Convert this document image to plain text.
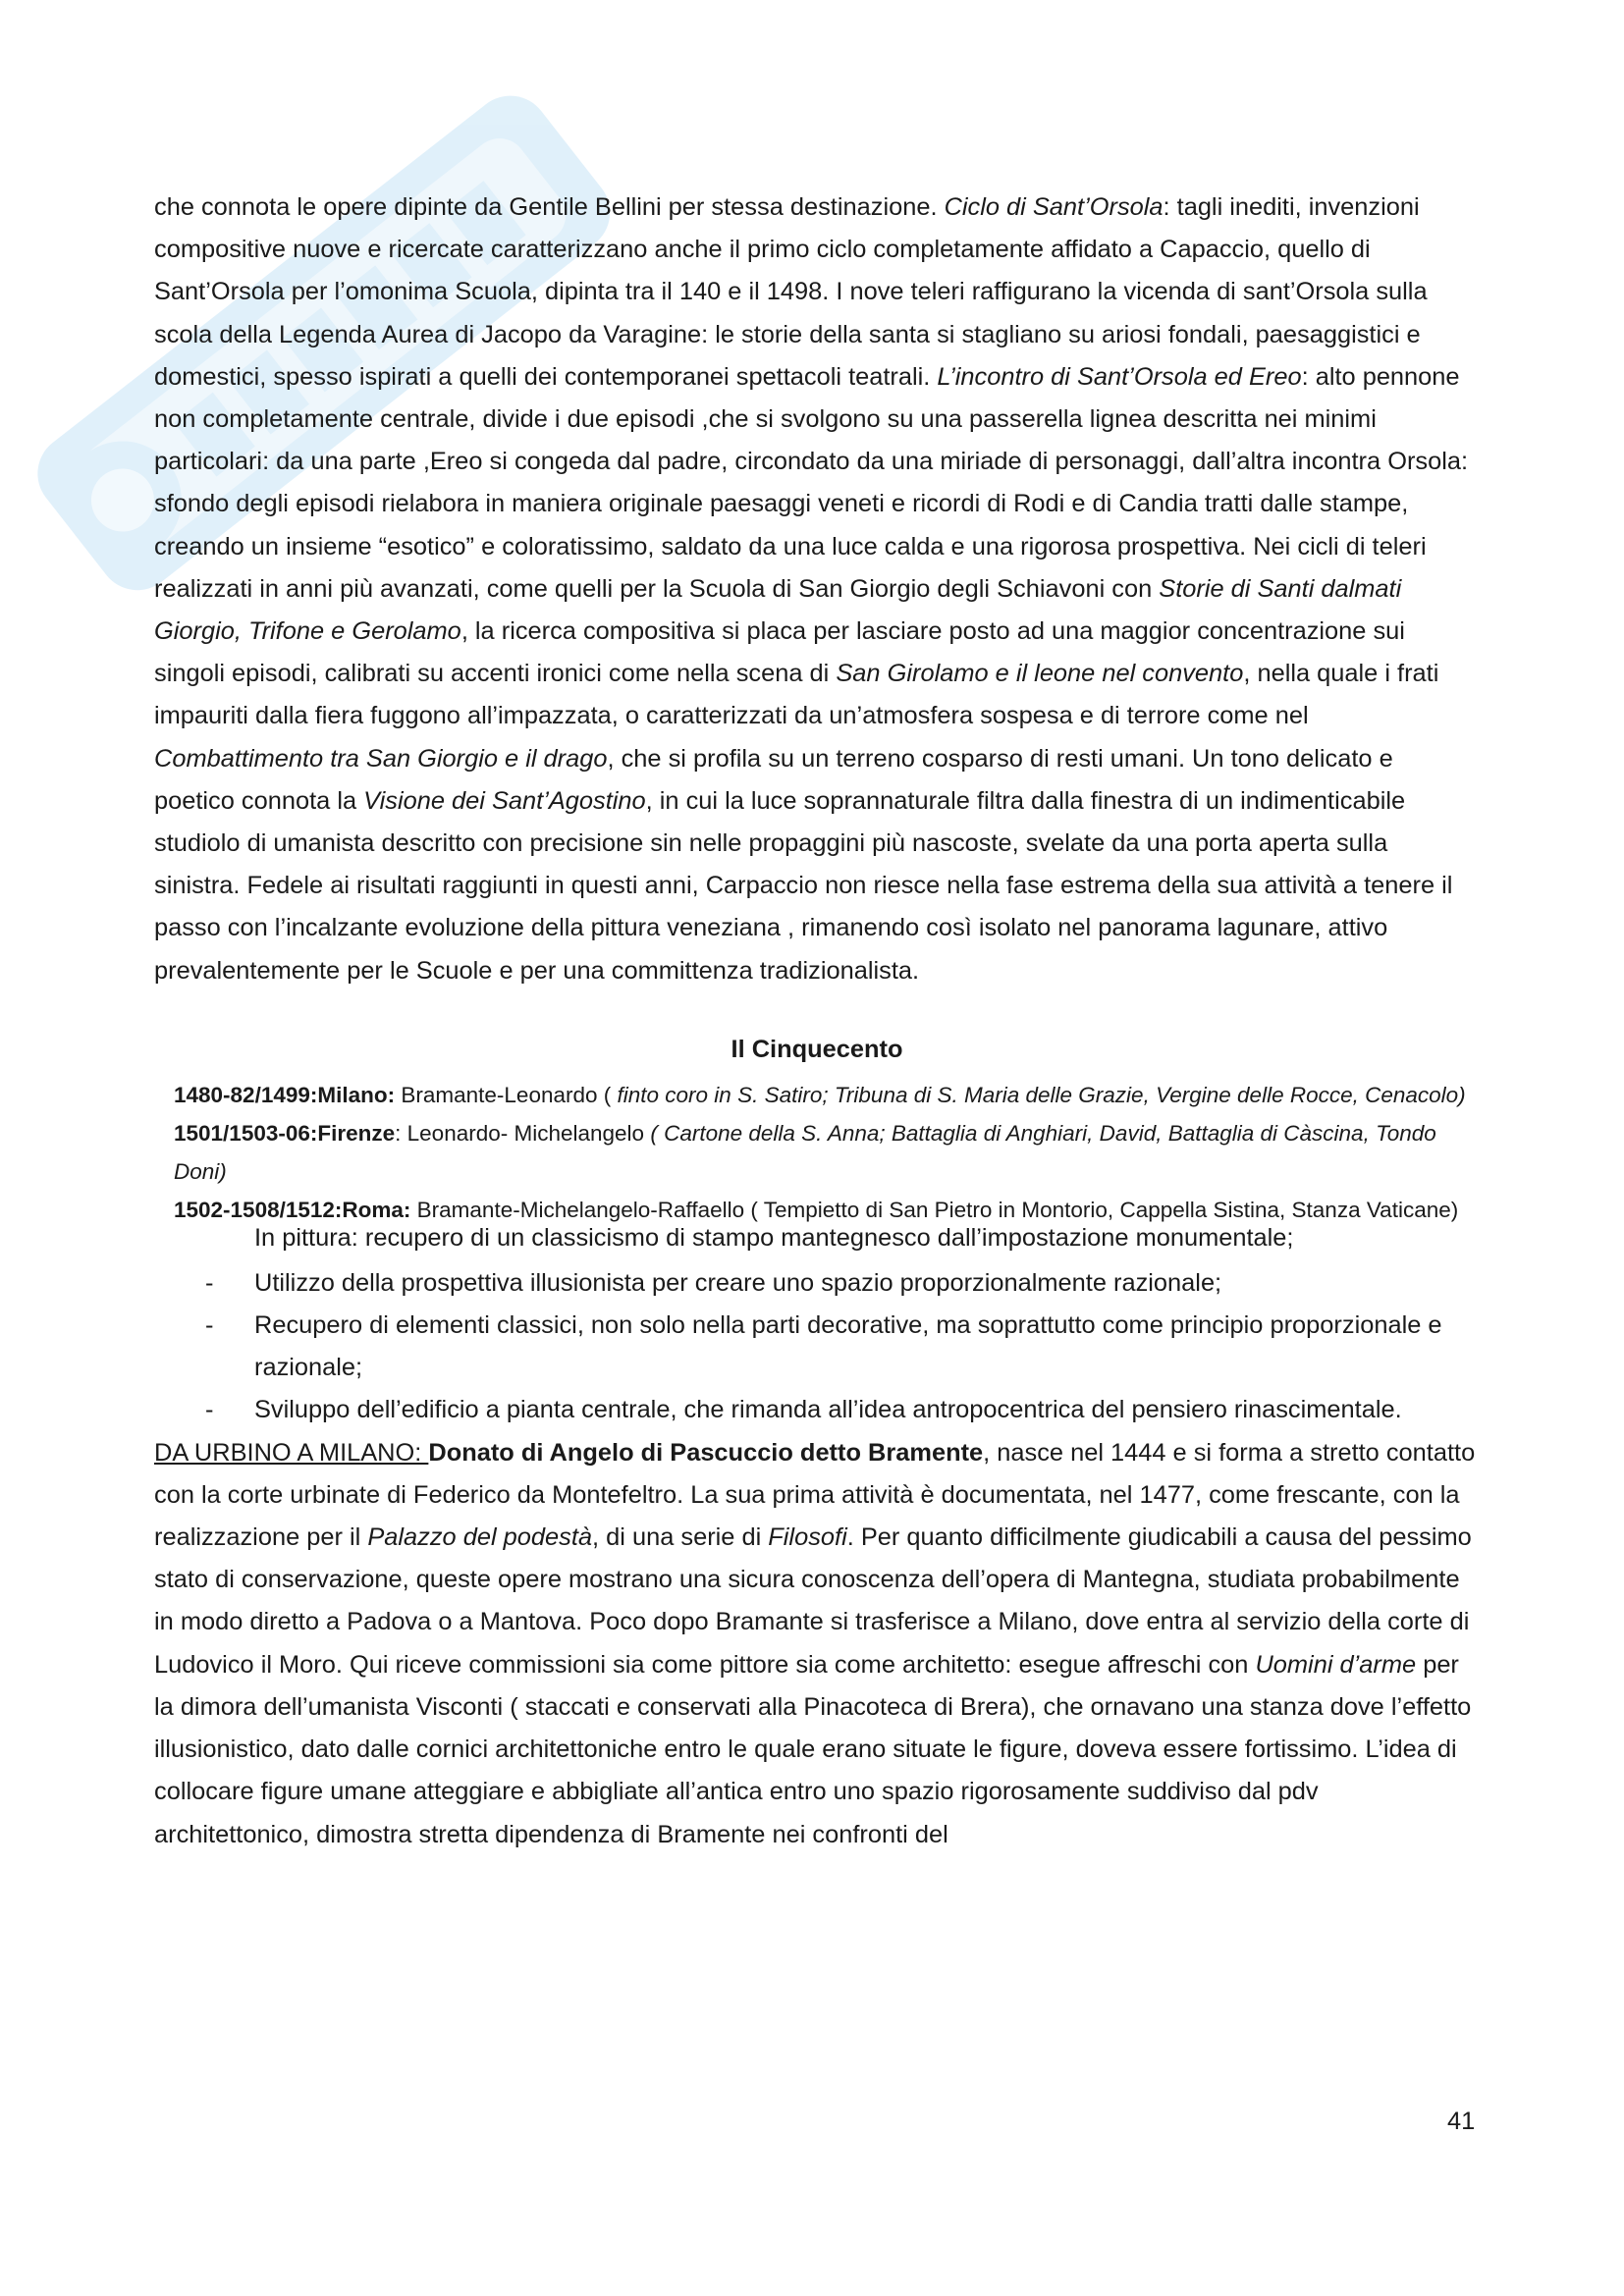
che connota le opere dipinte da Gentile Bellini per stessa destinazione. Ciclo di Sant’Orsola: tagli inediti, invenzioni compositive nuove e ricercate caratterizzano anche il primo ciclo completamente affidato a Capaccio, quello di Sant’Orsola per l’omonima Scuola, dipinta tra il 140 e il 1498. I nove teleri raffigurano la vicenda di sant’Orsola sulla scola della Legenda Aurea di Jacopo da Varagine: le storie della santa si stagliano su ariosi fondali, paesaggistici e domestici, spesso ispirati a quelli dei contemporanei spettacoli teatrali. L’incontro di Sant’Orsola ed Ereo: alto pennone non completamente centrale, divide i due episodi ,che si svolgono su una passerella lignea descritta nei minimi particolari: da una parte ,Ereo si congeda dal padre, circondato da una miriade di personaggi, dall’altra incontra Orsola: sfondo degli episodi rielabora in maniera originale paesaggi veneti e ricordi di Rodi e di Candia tratti dalle stampe, creando un insieme “esotico” e coloratissimo, saldato da una luce calda e una rigorosa prospettiva. Nei cicli di teleri realizzati in anni più avanzati, come quelli per la Scuola di San Giorgio degli Schiavoni con Storie di Santi dalmati Giorgio, Trifone e Gerolamo, la ricerca compositiva si placa per lasciare posto ad una maggior concentrazione sui singoli episodi, calibrati su accenti ironici come nella scena di San Girolamo e il leone nel convento, nella quale i frati impauriti dalla fiera fuggono all’impazzata, o caratterizzati da un’atmosfera sospesa e di terrore come nel Combattimento tra San Giorgio e il drago, che si profila su un terreno cosparso di resti umani. Un tono delicato e poetico connota la Visione dei Sant’Agostino, in cui la luce soprannaturale filtra dalla finestra di un indimenticabile studiolo di umanista descritto con precisione sin nelle propaggini più nascoste, svelate da una porta aperta sulla sinistra. Fedele ai risultati raggiunti in questi anni, Carpaccio non riesce nella fase estrema della sua attività a tenere il passo con l’incalzante evoluzione della pittura veneziana , rimanendo così isolato nel panorama lagunare, attivo prevalentemente per le Scuole e per una committenza tradizionalista.

Il Cinquecento

1480-82/1499:Milano: Bramante-Leonardo ( finto coro in S. Satiro; Tribuna di S. Maria delle Grazie, Vergine delle Rocce, Cenacolo)

1501/1503-06:Firenze: Leonardo- Michelangelo ( Cartone della S. Anna; Battaglia di Anghiari, David, Battaglia di Càscina, Tondo Doni)

1502-1508/1512:Roma: Bramante-Michelangelo-Raffaello ( Tempietto di San Pietro in Montorio, Cappella Sistina, Stanza Vaticane)

In pittura: recupero di un classicismo di stampo mantegnesco dall’impostazione monumentale;
- Utilizzo della prospettiva illusionista per creare uno spazio proporzionalmente razionale;
- Recupero di elementi classici, non solo nella parti decorative, ma soprattutto come principio proporzionale e razionale;
- Sviluppo dell’edificio a pianta centrale, che rimanda all’idea antropocentrica del pensiero rinascimentale.

DA URBINO A MILANO: Donato di Angelo di Pascuccio detto Bramente, nasce nel 1444 e si forma a stretto contatto con la corte urbinate di Federico da Montefeltro. La sua prima attività è documentata, nel 1477, come frescante, con la realizzazione per il Palazzo del podestà, di una serie di Filosofi. Per quanto difficilmente giudicabili a causa del pessimo stato di conservazione, queste opere mostrano una sicura conoscenza dell’opera di Mantegna, studiata probabilmente in modo diretto a Padova o a Mantova. Poco dopo Bramante si trasferisce a Milano, dove entra al servizio della corte di Ludovico il Moro. Qui riceve commissioni sia come pittore sia come architetto: esegue affreschi con Uomini d’arme per la dimora dell’umanista Visconti ( staccati e conservati alla Pinacoteca di Brera), che ornavano una stanza dove l’effetto illusionistico, dato dalle cornici architettoniche entro le quale erano situate le figure, doveva essere fortissimo. L’idea di collocare figure umane atteggiare e abbigliate all’antica entro uno spazio rigorosamente suddiviso dal pdv architettonico, dimostra stretta dipendenza di Bramente nei confronti del

41
